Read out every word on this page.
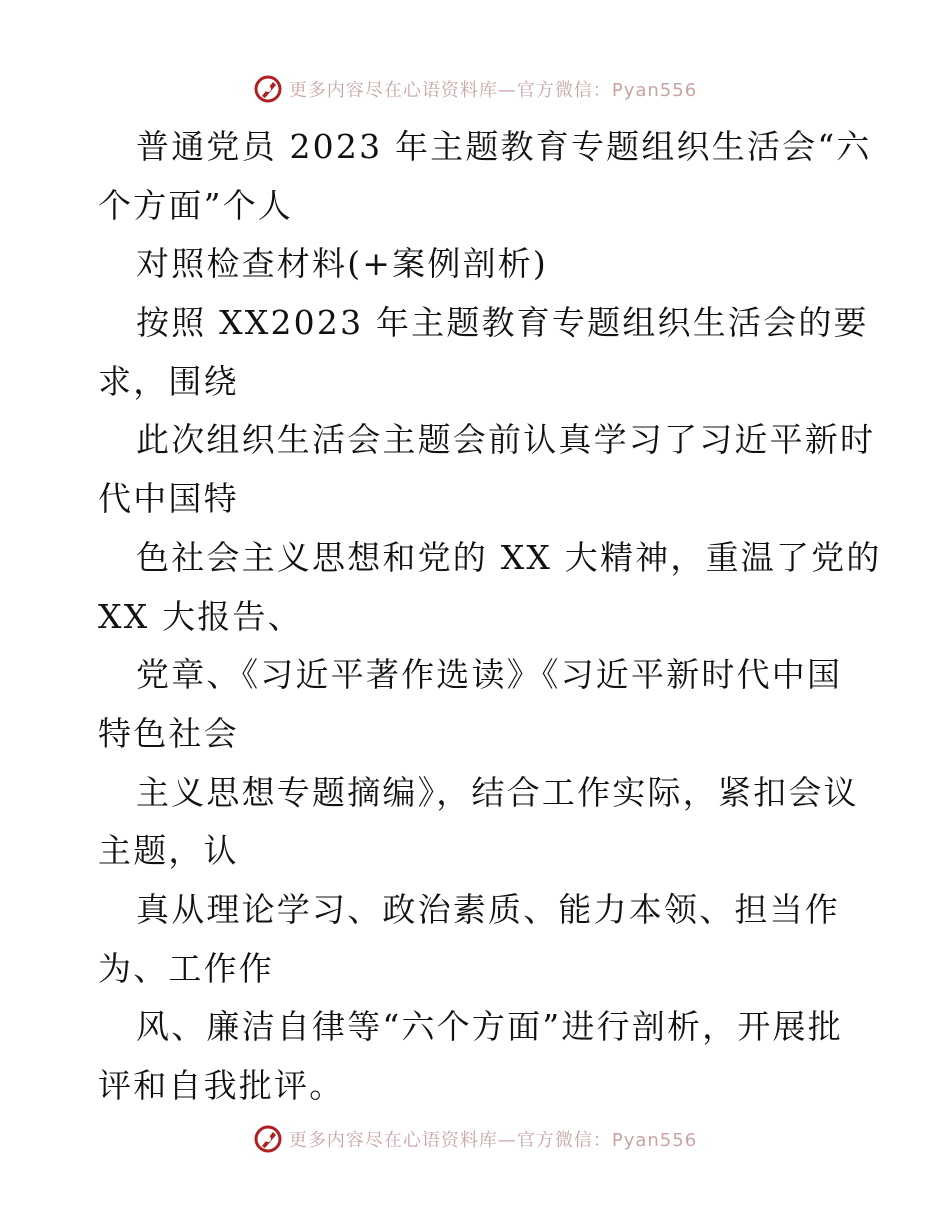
更多内容尽在心语资料库—官方微信：Pyan556
普通党员 2023 年主题教育专题组织生活会“六
个方面”个人
对照检查材料(+案例剖析)
按照 XX2023 年主题教育专题组织生活会的要
求，围绕
此次组织生活会主题会前认真学习了习近平新时
代中国特
色社会主义思想和党的 XX 大精神，重温了党的
XX 大报告、
党章、《习近平著作选读》《习近平新时代中国
特色社会
主义思想专题摘编》，结合工作实际，紧扣会议
主题，认
真从理论学习、政治素质、能力本领、担当作
为、工作作
风、廉洁自律等“六个方面”进行剖析，开展批
评和自我批评。
更多内容尽在心语资料库—官方微信：Pyan556
